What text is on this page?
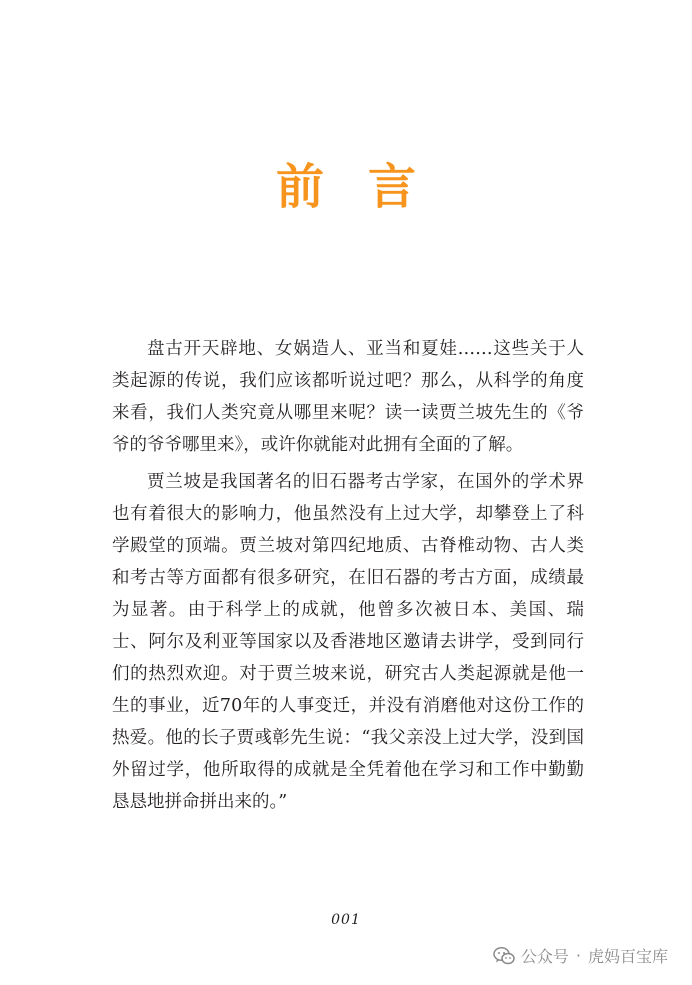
前言

盘古开天辟地、女娲造人、亚当和夏娃……这些关于人类起源的传说，我们应该都听说过吧？那么，从科学的角度来看，我们人类究竟从哪里来呢？读一读贾兰坡先生的《爷爷的爷爷哪里来》，或许你就能对此拥有全面的了解。

贾兰坡是我国著名的旧石器考古学家，在国外的学术界也有着很大的影响力，他虽然没有上过大学，却攀登上了科学殿堂的顶端。贾兰坡对第四纪地质、古脊椎动物、古人类和考古等方面都有很多研究，在旧石器的考古方面，成绩最为显著。由于科学上的成就，他曾多次被日本、美国、瑞士、阿尔及利亚等国家以及香港地区邀请去讲学，受到同行们的热烈欢迎。对于贾兰坡来说，研究古人类起源就是他一生的事业，近70年的人事变迁，并没有消磨他对这份工作的热爱。他的长子贾彧彰先生说：“我父亲没上过大学，没到国外留过学，他所取得的成就是全凭着他在学习和工作中勤勤恳恳地拼命拼出来的。”

001
公众号 · 虎妈百宝库
